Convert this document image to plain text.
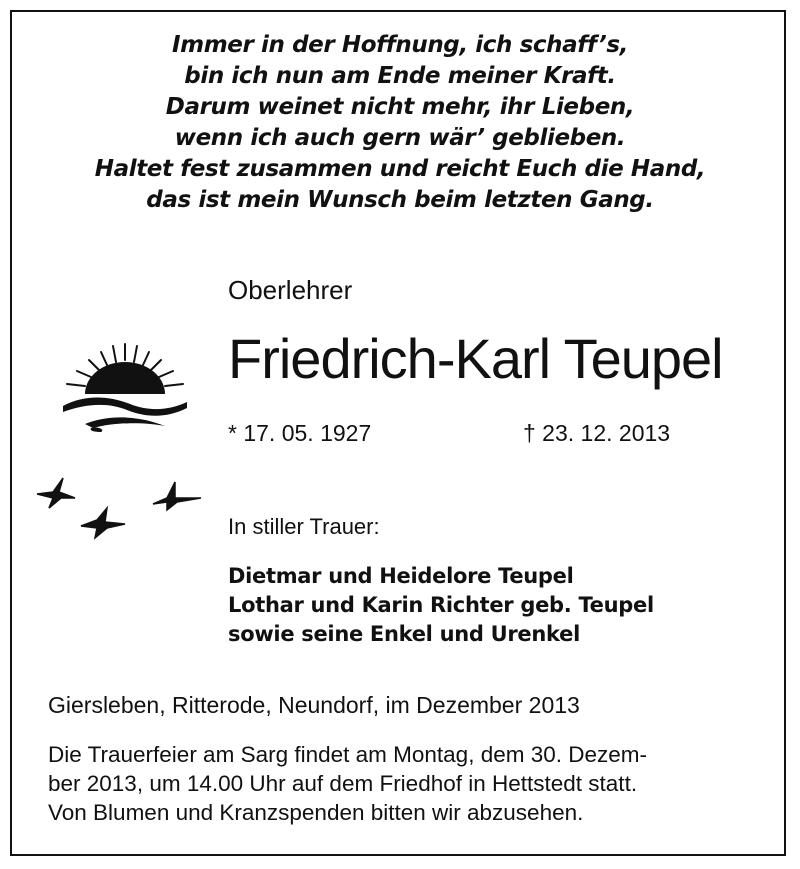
Immer in der Hoffnung, ich schaff’s,
bin ich nun am Ende meiner Kraft.
Darum weinet nicht mehr, ihr Lieben,
wenn ich auch gern wär’ geblieben.
Haltet fest zusammen und reicht Euch die Hand,
das ist mein Wunsch beim letzten Gang.
Oberlehrer
Friedrich-Karl Teupel
* 17. 05. 1927	† 23. 12. 2013
In stiller Trauer:
Dietmar und Heidelore Teupel
Lothar und Karin Richter geb. Teupel
sowie seine Enkel und Urenkel
Giersleben, Ritterode, Neundorf, im Dezember 2013
Die Trauerfeier am Sarg findet am Montag, dem 30. Dezem-
ber 2013, um 14.00 Uhr auf dem Friedhof in Hettstedt statt.
Von Blumen und Kranzspenden bitten wir abzusehen.
